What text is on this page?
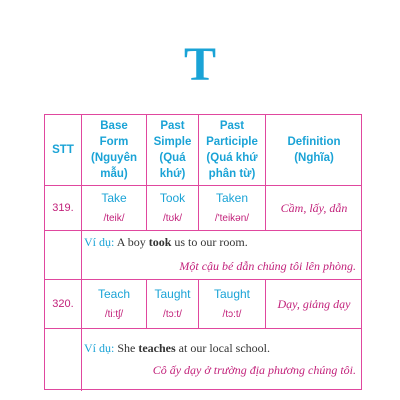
T
STT
Base
Form
(Nguyên
mẫu)
Past
Simple
(Quá
khứ)
Past
Participle
(Quá khứ
phân từ)
Definition
(Nghĩa)
319.
Take
/teik/
Took
/tʊk/
Taken
/'teikən/
Cầm, lấy, dẫn
320.
Teach
/ti:tʃ/
Taught
/tɔ:t/
Taught
/tɔ:t/
Dạy, giảng dạy
Ví dụ: A boy took us to our room.
Một cậu bé dẫn chúng tôi lên phòng.
Ví dụ: She teaches at our local school.
Cô ấy dạy ở trường địa phương chúng tôi.
